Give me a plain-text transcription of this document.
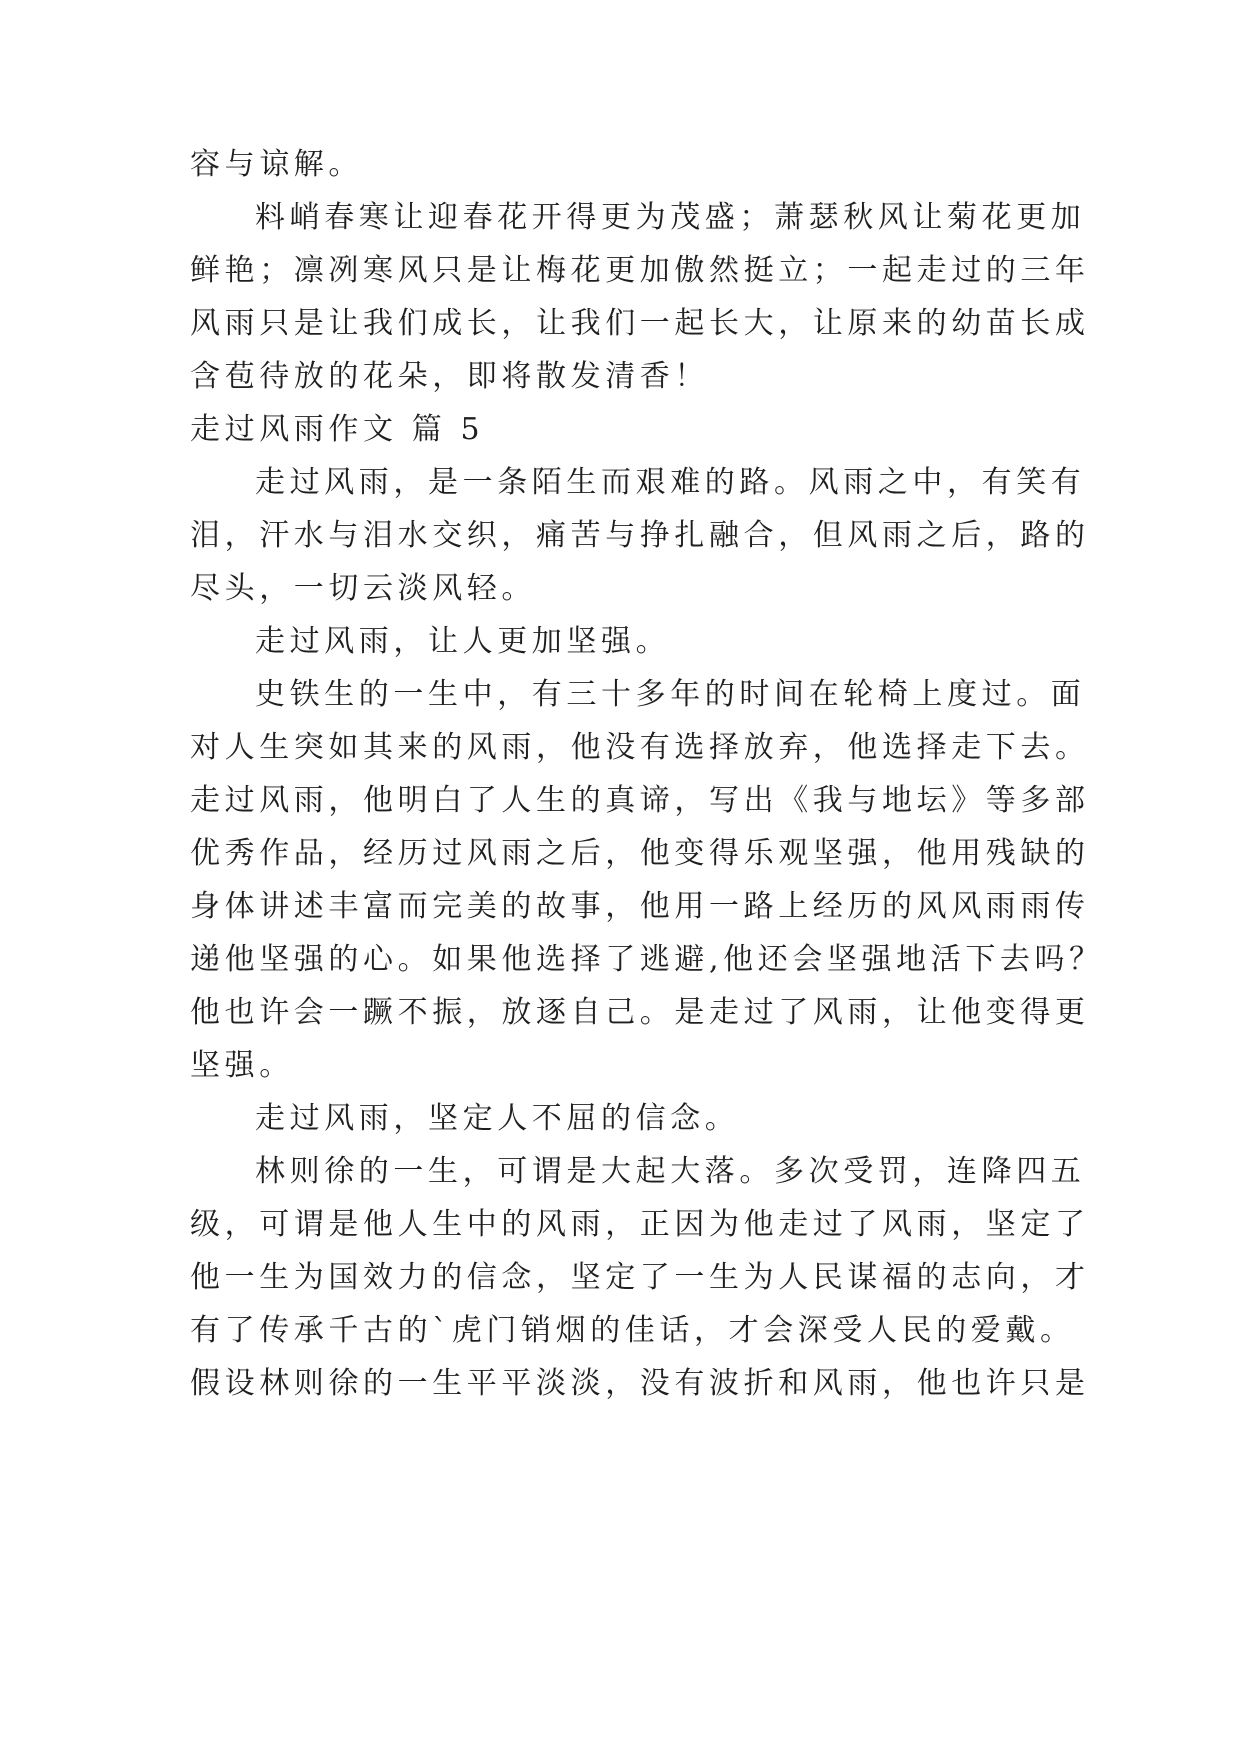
容与谅解。
料峭春寒让迎春花开得更为茂盛；萧瑟秋风让菊花更加
鲜艳；凛冽寒风只是让梅花更加傲然挺立；一起走过的三年
风雨只是让我们成长，让我们一起长大，让原来的幼苗长成
含苞待放的花朵，即将散发清香！
走过风雨作文 篇 5
走过风雨，是一条陌生而艰难的路。风雨之中，有笑有
泪，汗水与泪水交织，痛苦与挣扎融合，但风雨之后，路的
尽头，一切云淡风轻。
走过风雨，让人更加坚强。
史铁生的一生中，有三十多年的时间在轮椅上度过。面
对人生突如其来的风雨，他没有选择放弃，他选择走下去。
走过风雨，他明白了人生的真谛，写出《我与地坛》等多部
优秀作品，经历过风雨之后，他变得乐观坚强，他用残缺的
身体讲述丰富而完美的故事，他用一路上经历的风风雨雨传
递他坚强的心。如果他选择了逃避,他还会坚强地活下去吗？
他也许会一蹶不振，放逐自己。是走过了风雨，让他变得更
坚强。
走过风雨，坚定人不屈的信念。
林则徐的一生，可谓是大起大落。多次受罚，连降四五
级，可谓是他人生中的风雨，正因为他走过了风雨，坚定了
他一生为国效力的信念，坚定了一生为人民谋福的志向，才
有了传承千古的`虎门销烟的佳话，才会深受人民的爱戴。
假设林则徐的一生平平淡淡，没有波折和风雨，他也许只是
